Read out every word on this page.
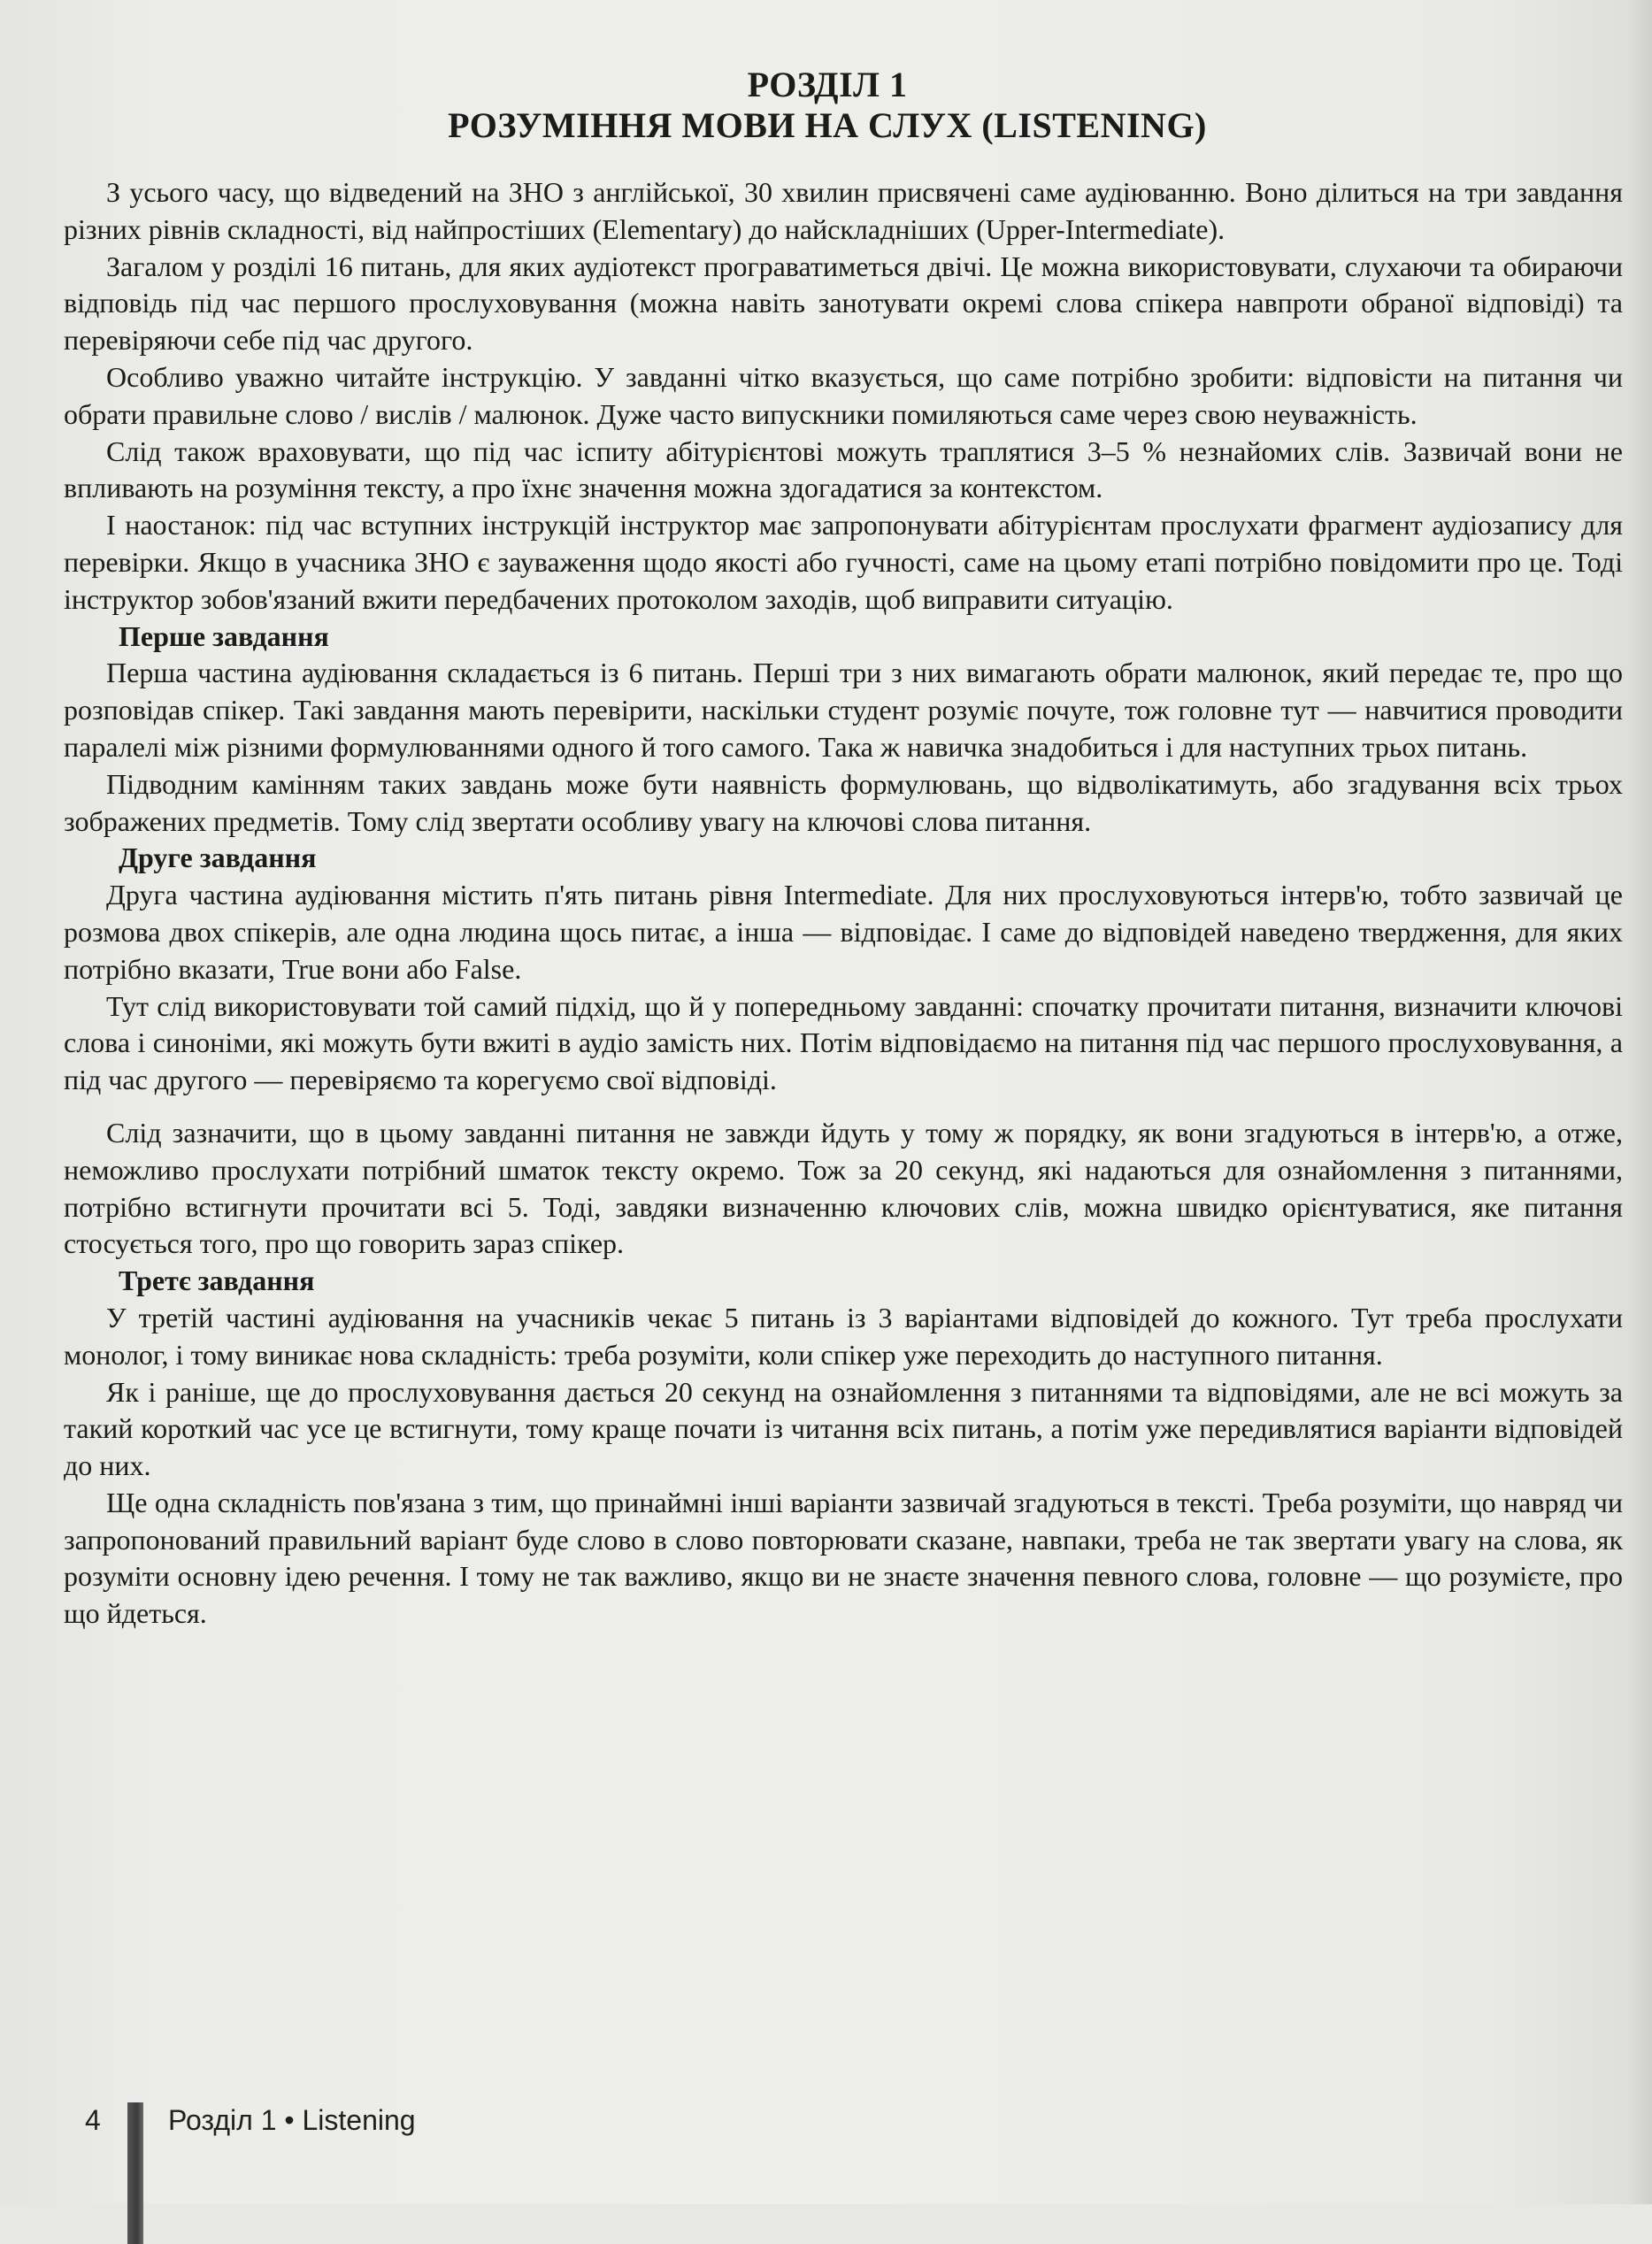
РОЗДІЛ 1
РОЗУМІННЯ МОВИ НА СЛУХ (LISTENING)

З усього часу, що відведений на ЗНО з англійської, 30 хвилин присвячені саме аудіюванню. Воно ділиться на три завдання різних рівнів складності, від найпростіших (Elementary) до найскладніших (Upper-Intermediate).

Загалом у розділі 16 питань, для яких аудіотекст програватиметься двічі. Це можна використовувати, слухаючи та обираючи відповідь під час першого прослуховування (можна навіть занотувати окремі слова спікера навпроти обраної відповіді) та перевіряючи себе під час другого.

Особливо уважно читайте інструкцію. У завданні чітко вказується, що саме потрібно зробити: відповісти на питання чи обрати правильне слово / вислів / малюнок. Дуже часто випускники помиляються саме через свою неуважність.

Слід також враховувати, що під час іспиту абітурієнтові можуть траплятися 3–5 % незнайомих слів. Зазвичай вони не впливають на розуміння тексту, а про їхнє значення можна здогадатися за контекстом.

І наостанок: під час вступних інструкцій інструктор має запропонувати абітурієнтам прослухати фрагмент аудіозапису для перевірки. Якщо в учасника ЗНО є зауваження щодо якості або гучності, саме на цьому етапі потрібно повідомити про це. Тоді інструктор зобов'язаний вжити передбачених протоколом заходів, щоб виправити ситуацію.

Перше завдання

Перша частина аудіювання складається із 6 питань. Перші три з них вимагають обрати малюнок, який передає те, про що розповідав спікер. Такі завдання мають перевірити, наскільки студент розуміє почуте, тож головне тут — навчитися проводити паралелі між різними формулюваннями одного й того самого. Така ж навичка знадобиться і для наступних трьох питань.

Підводним камінням таких завдань може бути наявність формулювань, що відволікатимуть, або згадування всіх трьох зображених предметів. Тому слід звертати особливу увагу на ключові слова питання.

Друге завдання

Друга частина аудіювання містить п'ять питань рівня Intermediate. Для них прослуховуються інтерв'ю, тобто зазвичай це розмова двох спікерів, але одна людина щось питає, а інша — відповідає. І саме до відповідей наведено твердження, для яких потрібно вказати, True вони або False.

Тут слід використовувати той самий підхід, що й у попередньому завданні: спочатку прочитати питання, визначити ключові слова і синоніми, які можуть бути вжиті в аудіо замість них. Потім відповідаємо на питання під час першого прослуховування, а під час другого — перевіряємо та корегуємо свої відповіді.

Слід зазначити, що в цьому завданні питання не завжди йдуть у тому ж порядку, як вони згадуються в інтерв'ю, а отже, неможливо прослухати потрібний шматок тексту окремо. Тож за 20 секунд, які надаються для ознайомлення з питаннями, потрібно встигнути прочитати всі 5. Тоді, завдяки визначенню ключових слів, можна швидко орієнтуватися, яке питання стосується того, про що говорить зараз спікер.

Третє завдання

У третій частині аудіювання на учасників чекає 5 питань із 3 варіантами відповідей до кожного. Тут треба прослухати монолог, і тому виникає нова складність: треба розуміти, коли спікер уже переходить до наступного питання.

Як і раніше, ще до прослуховування дається 20 секунд на ознайомлення з питаннями та відповідями, але не всі можуть за такий короткий час усе це встигнути, тому краще почати із читання всіх питань, а потім уже передивлятися варіанти відповідей до них.

Ще одна складність пов'язана з тим, що принаймні інші варіанти зазвичай згадуються в тексті. Треба розуміти, що навряд чи запропонований правильний варіант буде слово в слово повторювати сказане, навпаки, треба не так звертати увагу на слова, як розуміти основну ідею речення. І тому не так важливо, якщо ви не знаєте значення певного слова, головне — що розумієте, про що йдеться.

4 Розділ 1 • Listening
